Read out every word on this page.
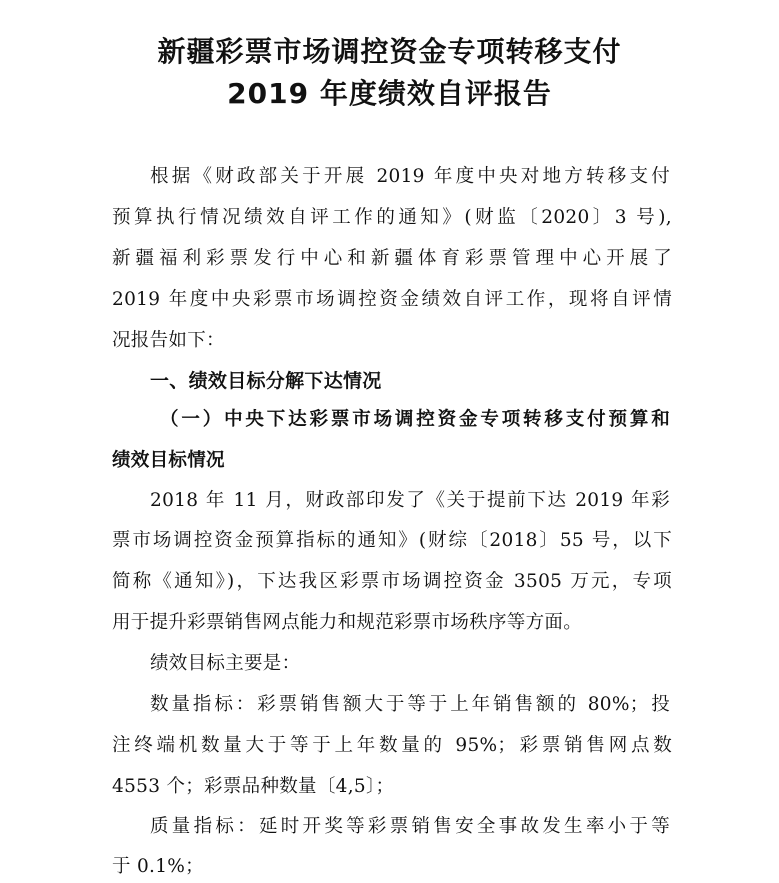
新疆彩票市场调控资金专项转移支付
2019 年度绩效自评报告
根据《财政部关于开展 2019 年度中央对地方转移支付
预算执行情况绩效自评工作的通知》(财监〔2020〕3 号),
新疆福利彩票发行中心和新疆体育彩票管理中心开展了
2019 年度中央彩票市场调控资金绩效自评工作，现将自评情
况报告如下：
一、绩效目标分解下达情况
（一）中央下达彩票市场调控资金专项转移支付预算和
绩效目标情况
2018 年 11 月，财政部印发了《关于提前下达 2019 年彩
票市场调控资金预算指标的通知》(财综〔2018〕55 号，以下
简称《通知》)，下达我区彩票市场调控资金 3505 万元，专项
用于提升彩票销售网点能力和规范彩票市场秩序等方面。
绩效目标主要是：
数量指标：彩票销售额大于等于上年销售额的 80%；投
注终端机数量大于等于上年数量的 95%；彩票销售网点数
4553 个；彩票品种数量〔4,5〕；
质量指标：延时开奖等彩票销售安全事故发生率小于等
于 0.1%；
